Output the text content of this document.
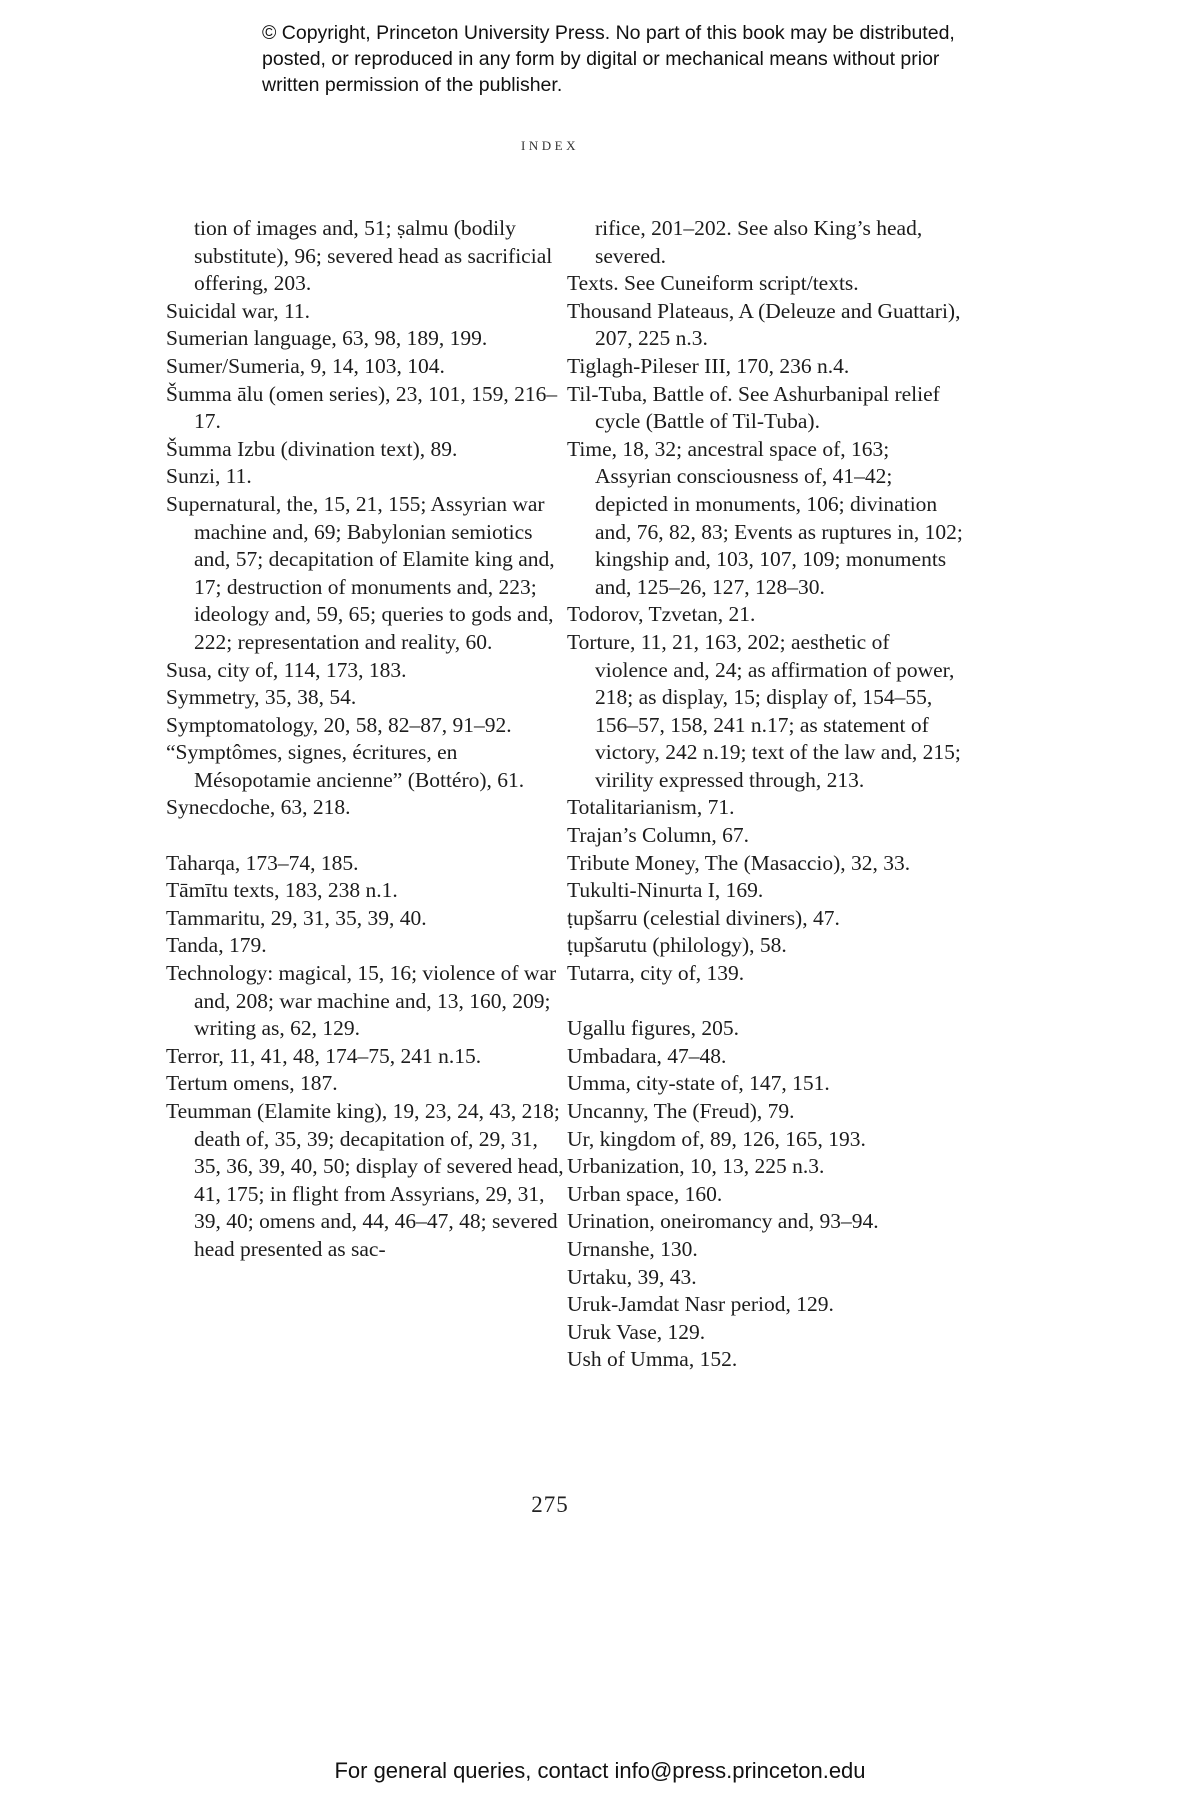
© Copyright, Princeton University Press. No part of this book may be distributed, posted, or reproduced in any form by digital or mechanical means without prior written permission of the publisher.
INDEX

tion of images and, 51; ṣalmu (bodily substitute), 96; severed head as sacrificial offering, 203.

Suicidal war, 11.

Sumerian language, 63, 98, 189, 199.

Sumer/Sumeria, 9, 14, 103, 104.

Šumma ālu (omen series), 23, 101, 159, 216–17.

Šumma Izbu (divination text), 89.

Sunzi, 11.

Supernatural, the, 15, 21, 155; Assyrian war machine and, 69; Babylonian semiotics and, 57; decapitation of Elamite king and, 17; destruction of monuments and, 223; ideology and, 59, 65; queries to gods and, 222; representation and reality, 60.

Susa, city of, 114, 173, 183.

Symmetry, 35, 38, 54.

Symptomatology, 20, 58, 82–87, 91–92.

“Symptômes, signes, écritures, en Mésopotamie ancienne” (Bottéro), 61.

Synecdoche, 63, 218.

Taharqa, 173–74, 185.

Tāmītu texts, 183, 238 n.1.

Tammaritu, 29, 31, 35, 39, 40.

Tanda, 179.

Technology: magical, 15, 16; violence of war and, 208; war machine and, 13, 160, 209; writing as, 62, 129.

Terror, 11, 41, 48, 174–75, 241 n.15.

Tertum omens, 187.

Teumman (Elamite king), 19, 23, 24, 43, 218; death of, 35, 39; decapitation of, 29, 31, 35, 36, 39, 40, 50; display of severed head, 41, 175; in flight from Assyrians, 29, 31, 39, 40; omens and, 44, 46–47, 48; severed head presented as sac-

rifice, 201–202. See also King’s head, severed.

Texts. See Cuneiform script/texts.

Thousand Plateaus, A (Deleuze and Guattari), 207, 225 n.3.

Tiglagh-Pileser III, 170, 236 n.4.

Til-Tuba, Battle of. See Ashurbanipal relief cycle (Battle of Til-Tuba).

Time, 18, 32; ancestral space of, 163; Assyrian consciousness of, 41–42; depicted in monuments, 106; divination and, 76, 82, 83; Events as ruptures in, 102; kingship and, 103, 107, 109; monuments and, 125–26, 127, 128–30.

Todorov, Tzvetan, 21.

Torture, 11, 21, 163, 202; aesthetic of violence and, 24; as affirmation of power, 218; as display, 15; display of, 154–55, 156–57, 158, 241 n.17; as statement of victory, 242 n.19; text of the law and, 215; virility expressed through, 213.

Totalitarianism, 71.

Trajan’s Column, 67.

Tribute Money, The (Masaccio), 32, 33.

Tukulti-Ninurta I, 169.

ṭupšarru (celestial diviners), 47.

ṭupšarutu (philology), 58.

Tutarra, city of, 139.

Ugallu figures, 205.

Umbadara, 47–48.

Umma, city-state of, 147, 151.

Uncanny, The (Freud), 79.

Ur, kingdom of, 89, 126, 165, 193.

Urbanization, 10, 13, 225 n.3.

Urban space, 160.

Urination, oneiromancy and, 93–94.

Urnanshe, 130.

Urtaku, 39, 43.

Uruk-Jamdat Nasr period, 129.

Uruk Vase, 129.

Ush of Umma, 152.

275
For general queries, contact info@press.princeton.edu
